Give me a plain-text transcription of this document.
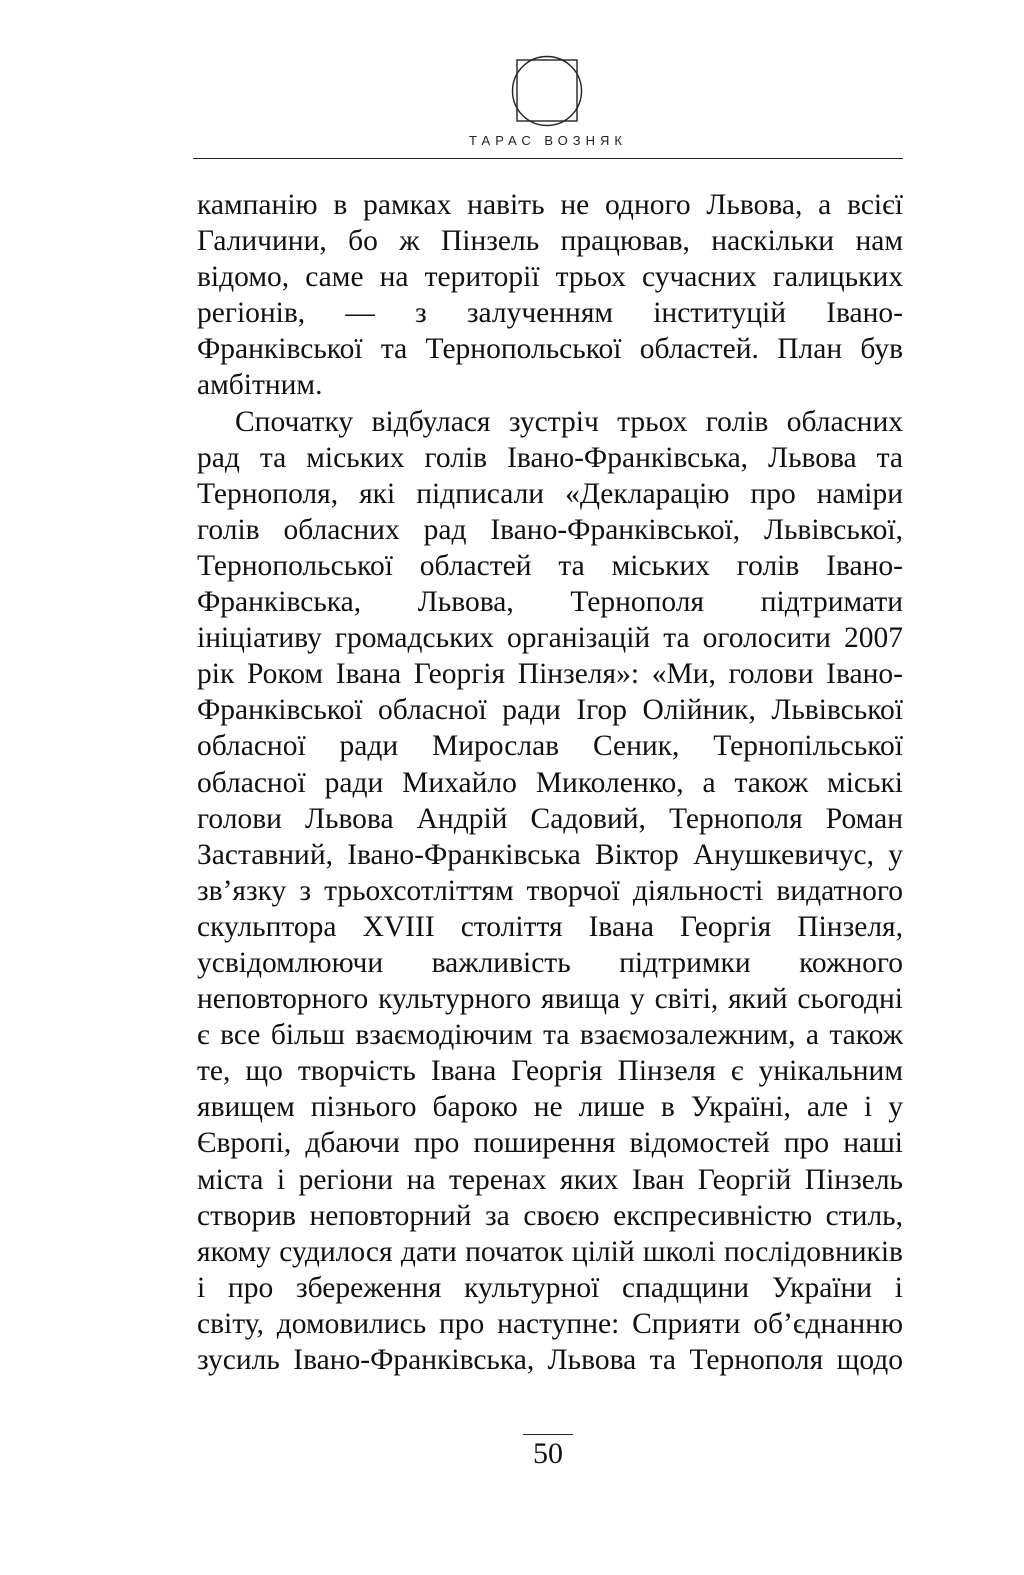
ТАРАС ВОЗНЯК

кампанію в рамках навіть не одного Львова, а всієї
Галичини, бо ж Пінзель працював, наскільки нам
відомо, саме на території трьох сучасних галицьких
регіонів, — з залученням інституцій Івано-
Франківської та Тернопольської областей. План був
амбітним.

Спочатку відбулася зустріч трьох голів обласних
рад та міських голів Івано-Франківська, Львова та
Тернополя, які підписали «Декларацію про наміри
голів обласних рад Івано-Франківської, Львівської,
Тернопольської областей та міських голів Івано-
Франківська, Львова, Тернополя підтримати
ініціативу громадських організацій та оголосити 2007
рік Роком Івана Георгія Пінзеля»: «Ми, голови Івано-
Франківської обласної ради Ігор Олійник, Львівської
обласної ради Мирослав Сеник, Тернопільської
обласної ради Михайло Миколенко, а також міські
голови Львова Андрій Садовий, Тернополя Роман
Заставний, Івано-Франківська Віктор Анушкевичус, у
зв’язку з трьохсотліттям творчої діяльності видатного
скульптора XVIII століття Івана Георгія Пінзеля,
усвідомлюючи важливість підтримки кожного
неповторного культурного явища у світі, який сьогодні
є все більш взаємодіючим та взаємозалежним, а також
те, що творчість Івана Георгія Пінзеля є унікальним
явищем пізнього бароко не лише в Україні, але і у
Європі, дбаючи про поширення відомостей про наші
міста і регіони на теренах яких Іван Георгій Пінзель
створив неповторний за своєю експресивністю стиль,
якому судилося дати початок цілій школі послідовників
і про збереження культурної спадщини України і
світу, домовились про наступне: Сприяти об’єднанню
зусиль Івано-Франківська, Львова та Тернополя щодо

50
